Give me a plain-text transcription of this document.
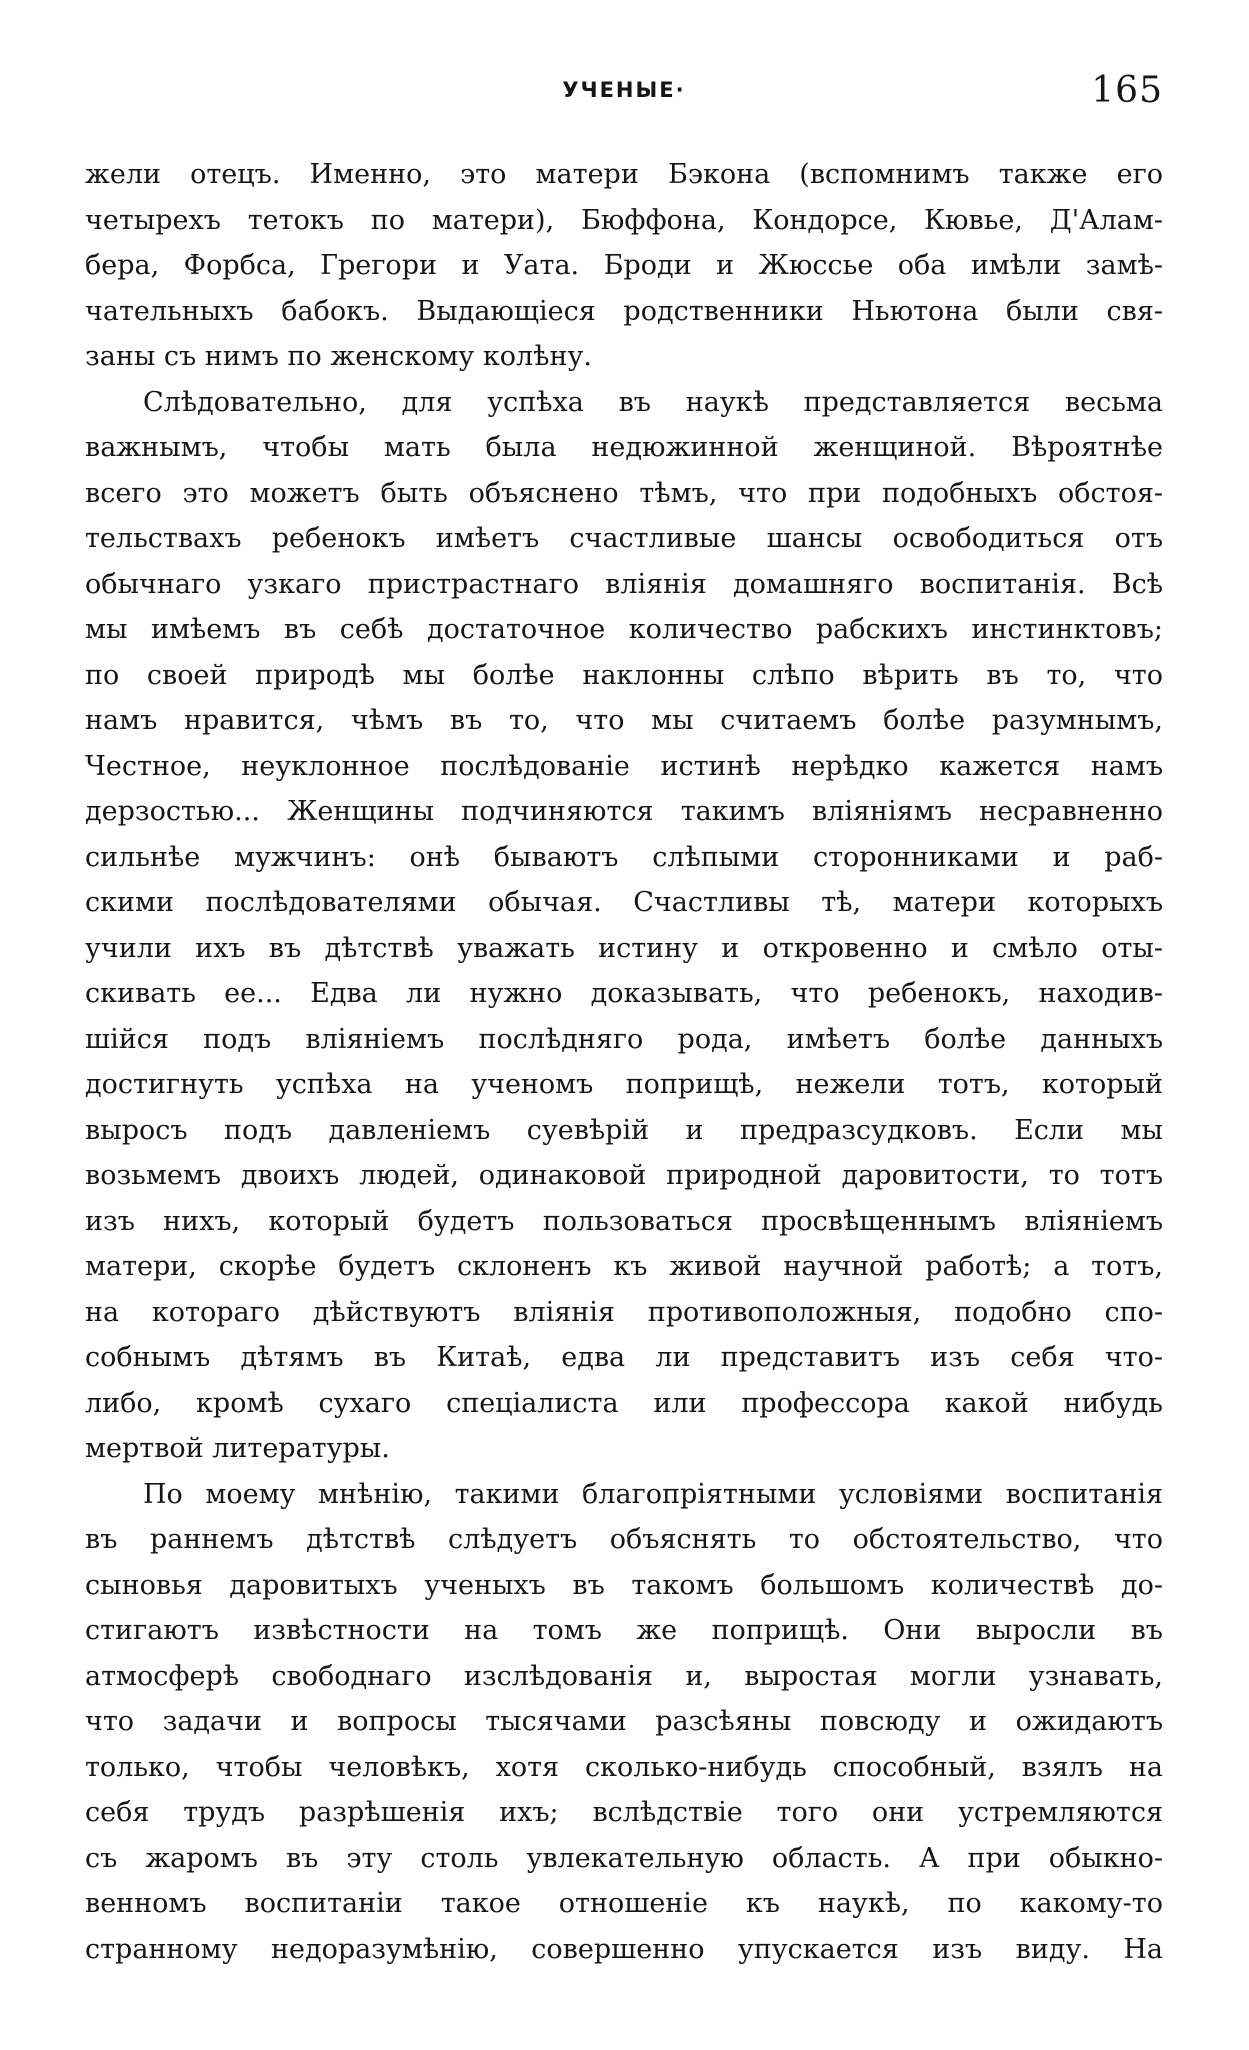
УЧЕНЫЕ·	165
жели отецъ. Именно, это матери Бэкона (вспомнимъ также его
четырехъ тетокъ по матери), Бюффона, Кондорсе, Кювье, Д'Алам-
бера, Форбса, Грегори и Уата. Броди и Жюссье оба имѣли замѣ-
чательныхъ бабокъ. Выдающіеся родственники Ньютона были свя-
заны съ нимъ по женскому колѣну.
Слѣдовательно, для успѣха въ наукѣ представляется весьма
важнымъ, чтобы мать была недюжинной женщиной. Вѣроятнѣе
всего это можетъ быть объяснено тѣмъ, что при подобныхъ обстоя-
тельствахъ ребенокъ имѣетъ счастливые шансы освободиться отъ
обычнаго узкаго пристрастнаго вліянія домашняго воспитанія. Всѣ
мы имѣемъ въ себѣ достаточное количество рабскихъ инстинктовъ;
по своей природѣ мы болѣе наклонны слѣпо вѣрить въ то, что
намъ нравится, чѣмъ въ то, что мы считаемъ болѣе разумнымъ,
Честное, неуклонное послѣдованіе истинѣ нерѣдко кажется намъ
дерзостью... Женщины подчиняются такимъ вліяніямъ несравненно
сильнѣе мужчинъ: онѣ бываютъ слѣпыми сторонниками и раб-
скими послѣдователями обычая. Счастливы тѣ, матери которыхъ
учили ихъ въ дѣтствѣ уважать истину и откровенно и смѣло оты-
скивать ее... Едва ли нужно доказывать, что ребенокъ, находив-
шійся подъ вліяніемъ послѣдняго рода, имѣетъ болѣе данныхъ
достигнуть успѣха на ученомъ поприщѣ, нежели тотъ, который
выросъ подъ давленіемъ суевѣрій и предразсудковъ. Если мы
возьмемъ двоихъ людей, одинаковой природной даровитости, то тотъ
изъ нихъ, который будетъ пользоваться просвѣщеннымъ вліяніемъ
матери, скорѣе будетъ склоненъ къ живой научной работѣ; а тотъ,
на котораго дѣйствуютъ вліянія противоположныя, подобно спо-
собнымъ дѣтямъ въ Китаѣ, едва ли представитъ изъ себя что-
либо, кромѣ сухаго спеціалиста или профессора какой нибудь
мертвой литературы.
По моему мнѣнію, такими благопріятными условіями воспитанія
въ раннемъ дѣтствѣ слѣдуетъ объяснять то обстоятельство, что
сыновья даровитыхъ ученыхъ въ такомъ большомъ количествѣ до-
стигаютъ извѣстности на томъ же поприщѣ. Они выросли въ
атмосферѣ свободнаго изслѣдованія и, выростая могли узнавать,
что задачи и вопросы тысячами разсѣяны повсюду и ожидаютъ
только, чтобы человѣкъ, хотя сколько-нибудь способный, взялъ на
себя трудъ разрѣшенія ихъ; вслѣдствіе того они устремляются
съ жаромъ въ эту столь увлекательную область. А при обыкно-
венномъ воспитаніи такое отношеніе къ наукѣ, по какому-то
странному недоразумѣнію, совершенно упускается изъ виду. На
